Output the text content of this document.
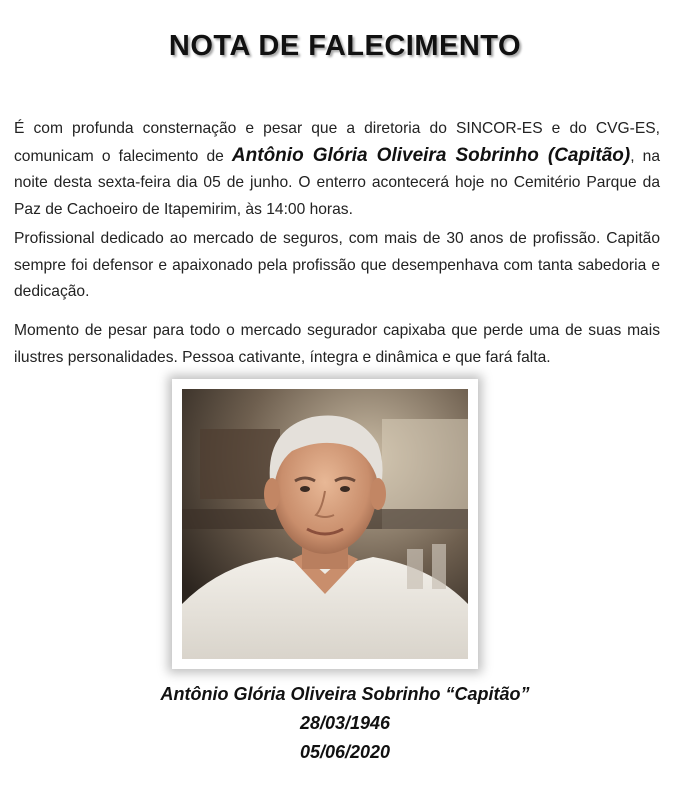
NOTA DE FALECIMENTO
É com profunda consternação e pesar que a diretoria do SINCOR-ES e do CVG-ES, comunicam o falecimento de Antônio Glória Oliveira Sobrinho (Capitão), na noite desta sexta-feira dia 05 de junho. O enterro acontecerá hoje no Cemitério Parque da Paz de Cachoeiro de Itapemirim, às 14:00 horas.
Profissional dedicado ao mercado de seguros, com mais de 30 anos de profissão. Capitão sempre foi defensor e apaixonado pela profissão que desempenhava com tanta sabedoria e dedicação.
Momento de pesar para todo o mercado segurador capixaba que perde uma de suas mais ilustres personalidades. Pessoa cativante, íntegra e dinâmica e que fará falta.
Antônio Glória Oliveira Sobrinho “Capitão”
28/03/1946
05/06/2020
